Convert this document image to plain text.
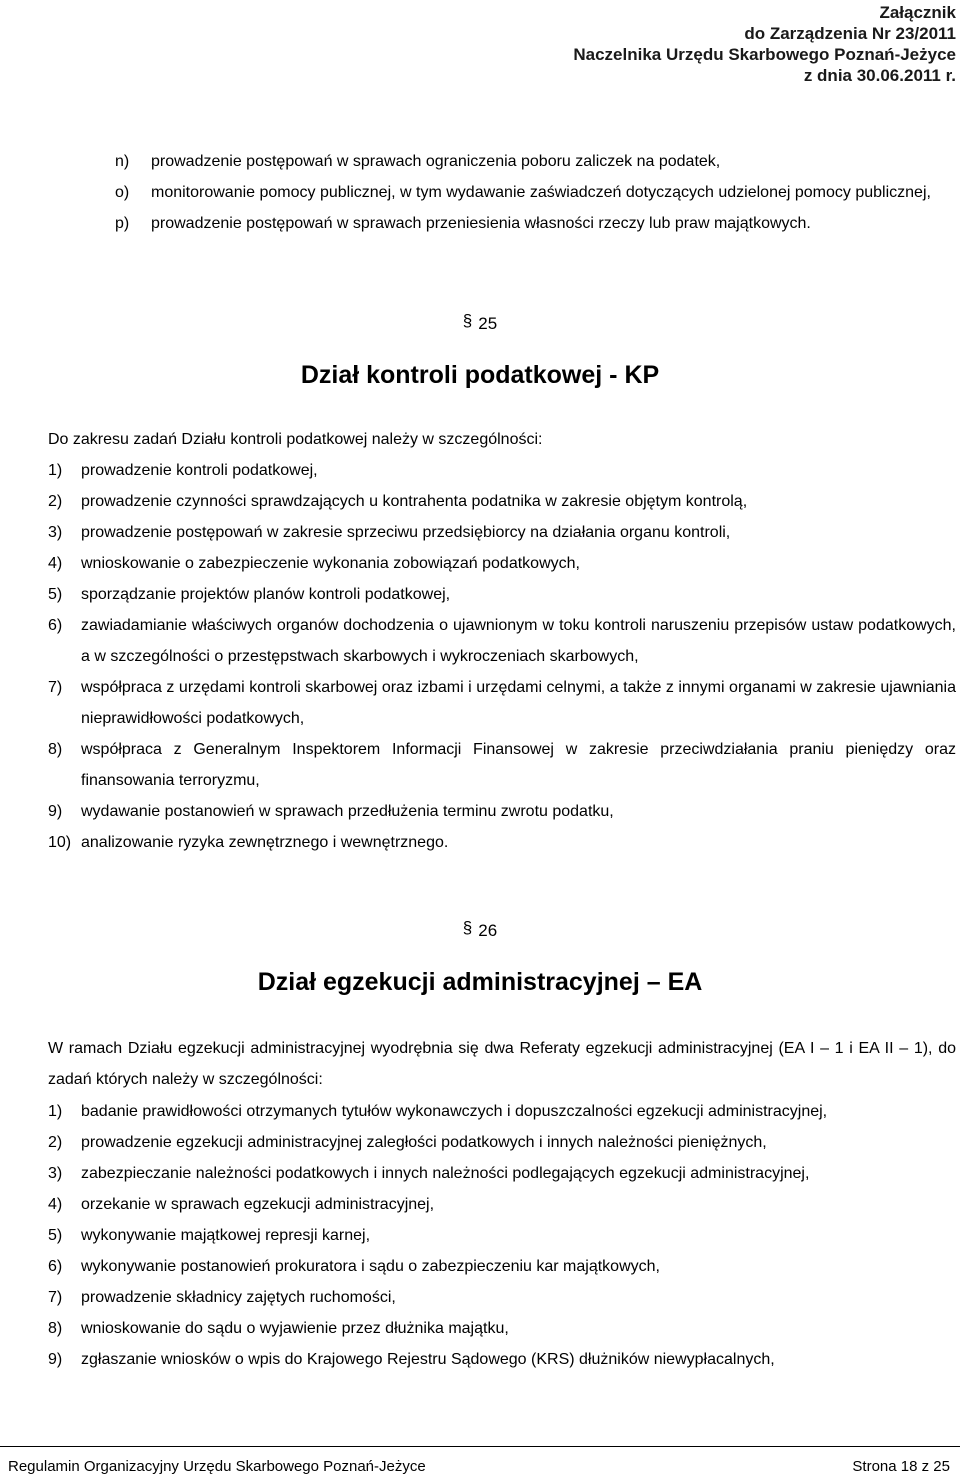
Załącznik
do Zarządzenia Nr 23/2011
Naczelnika Urzędu Skarbowego Poznań-Jeżyce
z dnia 30.06.2011 r.
n) prowadzenie postępowań w sprawach ograniczenia poboru zaliczek na podatek,
o) monitorowanie pomocy publicznej, w tym wydawanie zaświadczeń dotyczących udzielonej pomocy publicznej,
p) prowadzenie postępowań w sprawach przeniesienia własności rzeczy lub praw majątkowych.
§ 25
Dział kontroli podatkowej - KP
Do zakresu zadań Działu kontroli podatkowej należy w szczególności:
1) prowadzenie kontroli podatkowej,
2) prowadzenie czynności sprawdzających u kontrahenta podatnika w zakresie objętym kontrolą,
3) prowadzenie postępowań w zakresie sprzeciwu przedsiębiorcy na działania organu kontroli,
4) wnioskowanie o zabezpieczenie wykonania zobowiązań podatkowych,
5) sporządzanie projektów planów kontroli podatkowej,
6) zawiadamianie właściwych organów dochodzenia o ujawnionym w toku kontroli naruszeniu przepisów ustaw podatkowych, a w szczególności o przestępstwach skarbowych i wykroczeniach skarbowych,
7) współpraca z urzędami kontroli skarbowej oraz izbami i urzędami celnymi, a także z innymi organami w zakresie ujawniania nieprawidłowości podatkowych,
8) współpraca z Generalnym Inspektorem Informacji Finansowej w zakresie przeciwdziałania praniu pieniędzy oraz finansowania terroryzmu,
9) wydawanie postanowień w sprawach przedłużenia terminu zwrotu podatku,
10) analizowanie ryzyka zewnętrznego i wewnętrznego.
§ 26
Dział egzekucji administracyjnej – EA
W ramach Działu egzekucji administracyjnej wyodrębnia się dwa Referaty egzekucji administracyjnej (EA I – 1 i EA II – 1), do zadań których należy w szczególności:
1) badanie prawidłowości otrzymanych tytułów wykonawczych i dopuszczalności egzekucji administracyjnej,
2) prowadzenie egzekucji administracyjnej zaległości podatkowych i innych należności pieniężnych,
3) zabezpieczanie należności podatkowych i innych należności podlegających egzekucji administracyjnej,
4) orzekanie w sprawach egzekucji administracyjnej,
5) wykonywanie majątkowej represji karnej,
6) wykonywanie postanowień prokuratora i sądu o zabezpieczeniu kar majątkowych,
7) prowadzenie składnicy zajętych ruchomości,
8) wnioskowanie do sądu o wyjawienie przez dłużnika majątku,
9) zgłaszanie wniosków o wpis do Krajowego Rejestru Sądowego (KRS) dłużników niewypłacalnych,
Regulamin Organizacyjny Urzędu Skarbowego Poznań-Jeżyce	Strona 18 z 25
